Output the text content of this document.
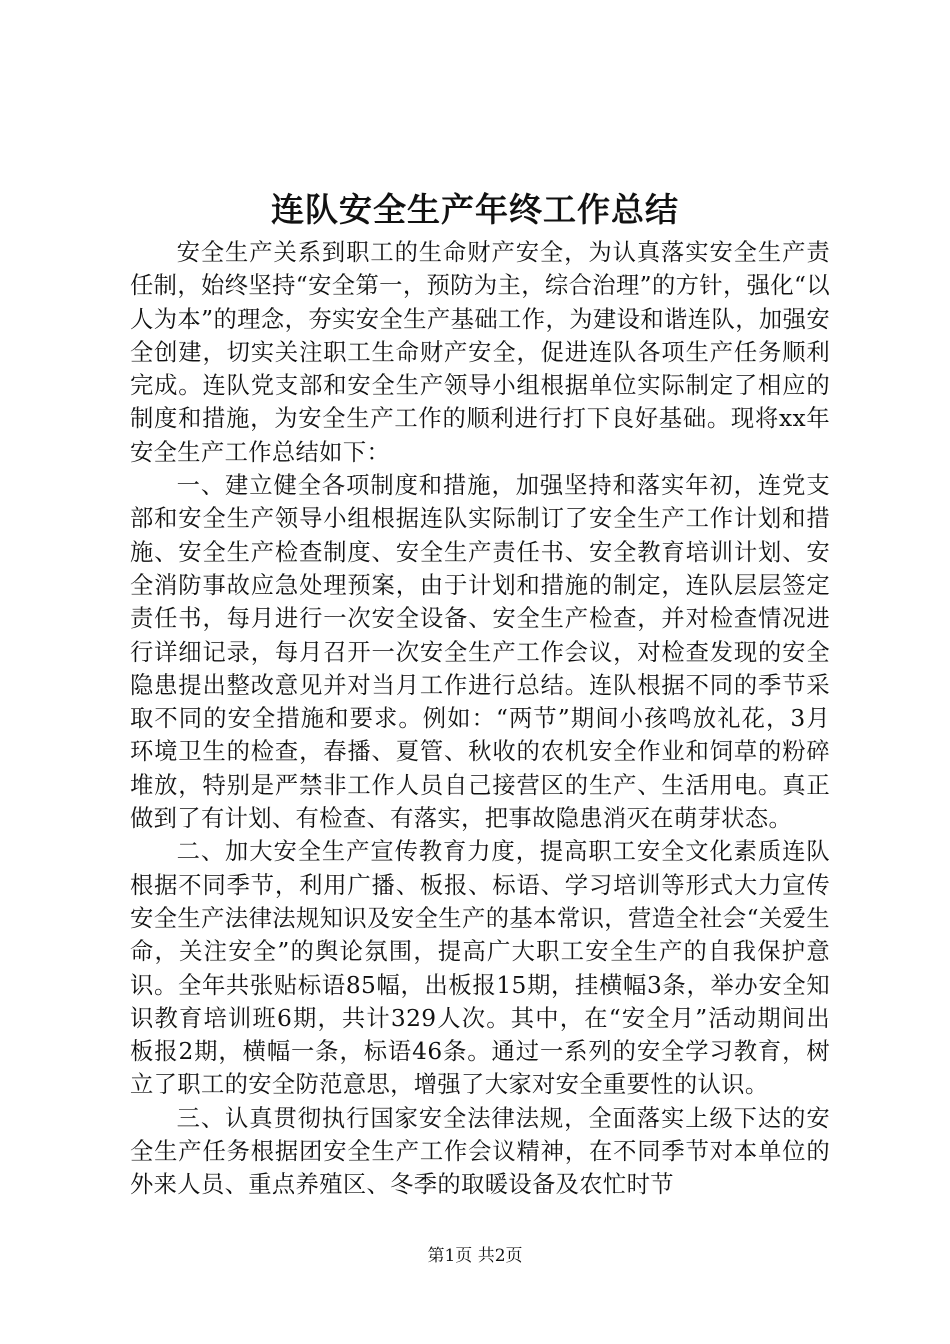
连队安全生产年终工作总结

安全生产关系到职工的生命财产安全，为认真落实安全生产责任制，始终坚持“安全第一，预防为主，综合治理”的方针，强化“以人为本”的理念，夯实安全生产基础工作，为建设和谐连队，加强安全创建，切实关注职工生命财产安全，促进连队各项生产任务顺利完成。连队党支部和安全生产领导小组根据单位实际制定了相应的制度和措施，为安全生产工作的顺利进行打下良好基础。现将xx年安全生产工作总结如下：

一、建立健全各项制度和措施，加强坚持和落实年初，连党支部和安全生产领导小组根据连队实际制订了安全生产工作计划和措施、安全生产检查制度、安全生产责任书、安全教育培训计划、安全消防事故应急处理预案，由于计划和措施的制定，连队层层签定责任书，每月进行一次安全设备、安全生产检查，并对检查情况进行详细记录，每月召开一次安全生产工作会议，对检查发现的安全隐患提出整改意见并对当月工作进行总结。连队根据不同的季节采取不同的安全措施和要求。例如：“两节”期间小孩鸣放礼花，3月环境卫生的检查，春播、夏管、秋收的农机安全作业和饲草的粉碎堆放，特别是严禁非工作人员自己接营区的生产、生活用电。真正做到了有计划、有检查、有落实，把事故隐患消灭在萌芽状态。

二、加大安全生产宣传教育力度，提高职工安全文化素质连队根据不同季节，利用广播、板报、标语、学习培训等形式大力宣传安全生产法律法规知识及安全生产的基本常识，营造全社会“关爱生命，关注安全”的舆论氛围，提高广大职工安全生产的自我保护意识。全年共张贴标语85幅，出板报15期，挂横幅3条，举办安全知识教育培训班6期，共计329人次。其中，在“安全月”活动期间出板报2期，横幅一条，标语46条。通过一系列的安全学习教育，树立了职工的安全防范意思，增强了大家对安全重要性的认识。

三、认真贯彻执行国家安全法律法规，全面落实上级下达的安全生产任务根据团安全生产工作会议精神，在不同季节对本单位的外来人员、重点养殖区、冬季的取暖设备及农忙时节

第1页 共2页
